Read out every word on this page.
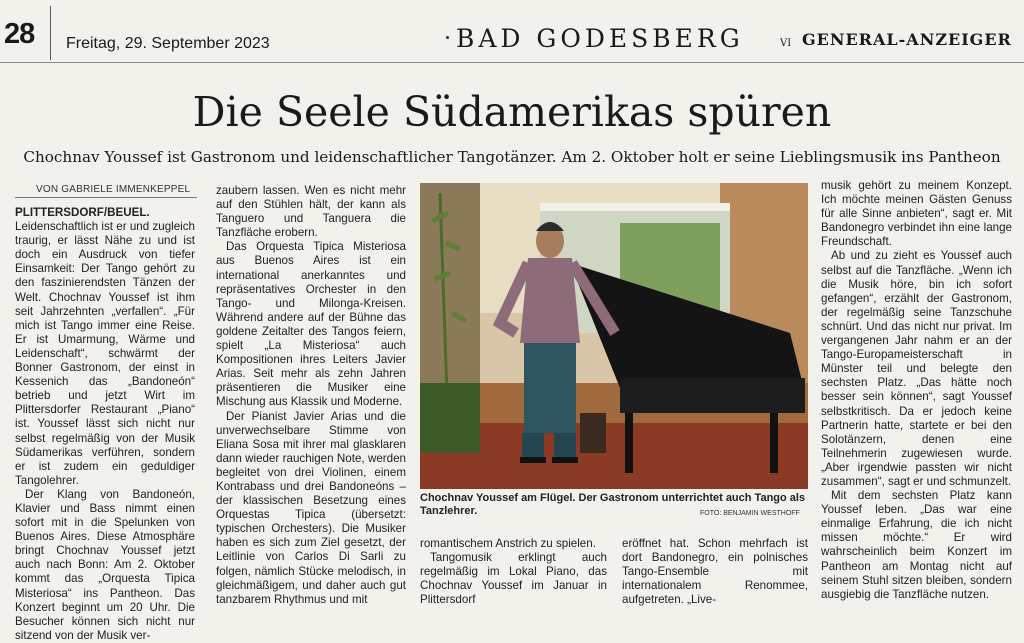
28 Freitag, 29. September 2023	BAD GODESBERG	VI GENERAL-ANZEIGER
Die Seele Südamerikas spüren
Chochnav Youssef ist Gastronom und leidenschaftlicher Tangotänzer. Am 2. Oktober holt er seine Lieblingsmusik ins Pantheon
VON GABRIELE IMMENKEPPEL

PLITTERSDORF/BEUEL. Leidenschaftlich ist er und zugleich traurig, er lässt Nähe zu und ist doch ein Ausdruck von tiefer Einsamkeit: Der Tango gehört zu den faszinierendsten Tänzen der Welt. Chochnav Youssef ist ihm seit Jahrzehnten „verfallen“. „Für mich ist Tango immer eine Reise. Er ist Umarmung, Wärme und Leidenschaft“, schwärmt der Bonner Gastronom, der einst in Kessenich das „Bandoneón“ betrieb und jetzt Wirt im Plittersdorfer Restaurant „Piano“ ist. Youssef lässt sich nicht nur selbst regelmäßig von der Musik Südamerikas verführen, sondern er ist zudem ein geduldiger Tangolehrer.

Der Klang von Bandoneón, Klavier und Bass nimmt einen sofort mit in die Spelunken von Buenos Aires. Diese Atmosphäre bringt Chochnav Youssef jetzt auch nach Bonn: Am 2. Oktober kommt das „Orquesta Tipica Misteriosa“ ins Pantheon. Das Konzert beginnt um 20 Uhr. Die Besucher können sich nicht nur sitzend von der Musik ver-

zaubern lassen. Wen es nicht mehr auf den Stühlen hält, der kann als Tanguero und Tanguera die Tanzfläche erobern.

Das Orquesta Tipica Misteriosa aus Buenos Aires ist ein international anerkanntes und repräsentatives Orchester in den Tango- und Milonga-Kreisen. Während andere auf der Bühne das goldene Zeitalter des Tangos feiern, spielt „La Misteriosa“ auch Kompositionen ihres Leiters Javier Arias. Seit mehr als zehn Jahren präsentieren die Musiker eine Mischung aus Klassik und Moderne.

Der Pianist Javier Arias und die unverwechselbare Stimme von Eliana Sosa mit ihrer mal glasklaren dann wieder rauchigen Note, werden begleitet von drei Violinen, einem Kontrabass und drei Bandoneóns – der klassischen Besetzung eines Orquestas Tipica (übersetzt: typischen Orchesters). Die Musiker haben es sich zum Ziel gesetzt, der Leitlinie von Carlos Di Sarli zu folgen, nämlich Stücke melodisch, in gleichmäßigem, und daher auch gut tanzbarem Rhythmus und mit

Chochnav Youssef am Flügel. Der Gastronom unterrichtet auch Tango als Tanzlehrer.	FOTO: BENJAMIN WESTHOFF

romantischem Anstrich zu spielen.

Tangomusik erklingt auch regelmäßig im Lokal Piano, das Chochnav Youssef im Januar in Plittersdorf

eröffnet hat. Schon mehrfach ist dort Bandonegro, ein polnisches Tango-Ensemble mit internationalem Renommee, aufgetreten. „Live-

musik gehört zu meinem Konzept. Ich möchte meinen Gästen Genuss für alle Sinne anbieten“, sagt er. Mit Bandonegro verbindet ihn eine lange Freundschaft.

Ab und zu zieht es Youssef auch selbst auf die Tanzfläche. „Wenn ich die Musik höre, bin ich sofort gefangen“, erzählt der Gastronom, der regelmäßig seine Tanzschuhe schnürt. Und das nicht nur privat. Im vergangenen Jahr nahm er an der Tango-Europameisterschaft in Münster teil und belegte den sechsten Platz. „Das hätte noch besser sein können“, sagt Youssef selbstkritisch. Da er jedoch keine Partnerin hatte, startete er bei den Solotänzern, denen eine Teilnehmerin zugewiesen wurde. „Aber irgendwie passten wir nicht zusammen“, sagt er und schmunzelt.

Mit dem sechsten Platz kann Youssef leben. „Das war eine einmalige Erfahrung, die ich nicht missen möchte.“ Er wird wahrscheinlich beim Konzert im Pantheon am Montag nicht auf seinem Stuhl sitzen bleiben, sondern ausgiebig die Tanzfläche nutzen.
